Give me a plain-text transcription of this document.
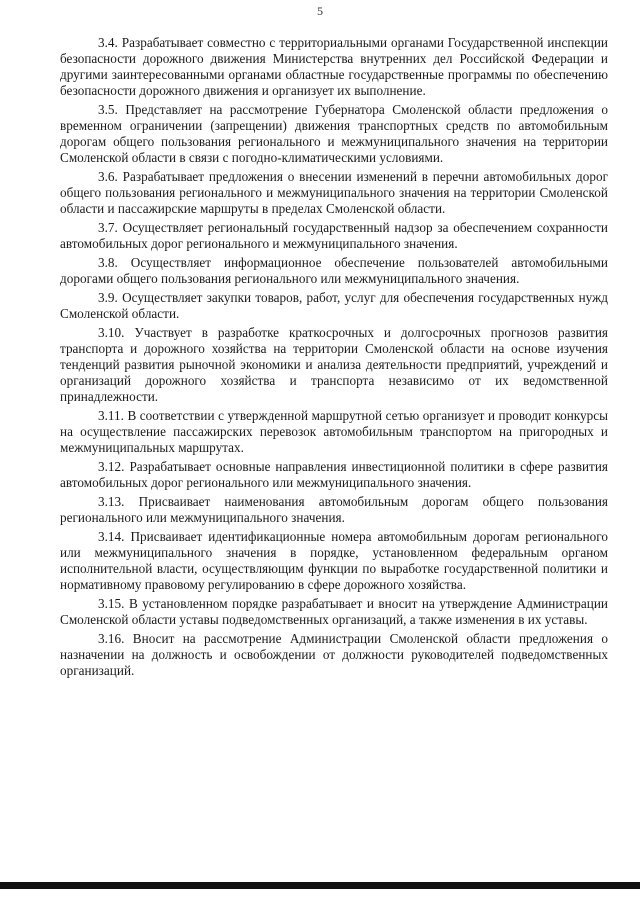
5

3.4. Разрабатывает совместно с территориальными органами Государственной инспекции безопасности дорожного движения Министерства внутренних дел Российской Федерации и другими заинтересованными органами областные государственные программы по обеспечению безопасности дорожного движения и организует их выполнение.

3.5. Представляет на рассмотрение Губернатора Смоленской области предложения о временном ограничении (запрещении) движения транспортных средств по автомобильным дорогам общего пользования регионального и межмуниципального значения на территории Смоленской области в связи с погодно-климатическими условиями.

3.6. Разрабатывает предложения о внесении изменений в перечни автомобильных дорог общего пользования регионального и межмуниципального значения на территории Смоленской области и пассажирские маршруты в пределах Смоленской области.

3.7. Осуществляет региональный государственный надзор за обеспечением сохранности автомобильных дорог регионального и межмуниципального значения.

3.8. Осуществляет информационное обеспечение пользователей автомобильными дорогами общего пользования регионального или межмуниципального значения.

3.9. Осуществляет закупки товаров, работ, услуг для обеспечения государственных нужд Смоленской области.

3.10. Участвует в разработке краткосрочных и долгосрочных прогнозов развития транспорта и дорожного хозяйства на территории Смоленской области на основе изучения тенденций развития рыночной экономики и анализа деятельности предприятий, учреждений и организаций дорожного хозяйства и транспорта независимо от их ведомственной принадлежности.

3.11. В соответствии с утвержденной маршрутной сетью организует и проводит конкурсы на осуществление пассажирских перевозок автомобильным транспортом на пригородных и межмуниципальных маршрутах.

3.12. Разрабатывает основные направления инвестиционной политики в сфере развития автомобильных дорог регионального или межмуниципального значения.

3.13. Присваивает наименования автомобильным дорогам общего пользования регионального или межмуниципального значения.

3.14. Присваивает идентификационные номера автомобильным дорогам регионального или межмуниципального значения в порядке, установленном федеральным органом исполнительной власти, осуществляющим функции по выработке государственной политики и нормативному правовому регулированию в сфере дорожного хозяйства.

3.15. В установленном порядке разрабатывает и вносит на утверждение Администрации Смоленской области уставы подведомственных организаций, а также изменения в их уставы.

3.16. Вносит на рассмотрение Администрации Смоленской области предложения о назначении на должность и освобождении от должности руководителей подведомственных организаций.
